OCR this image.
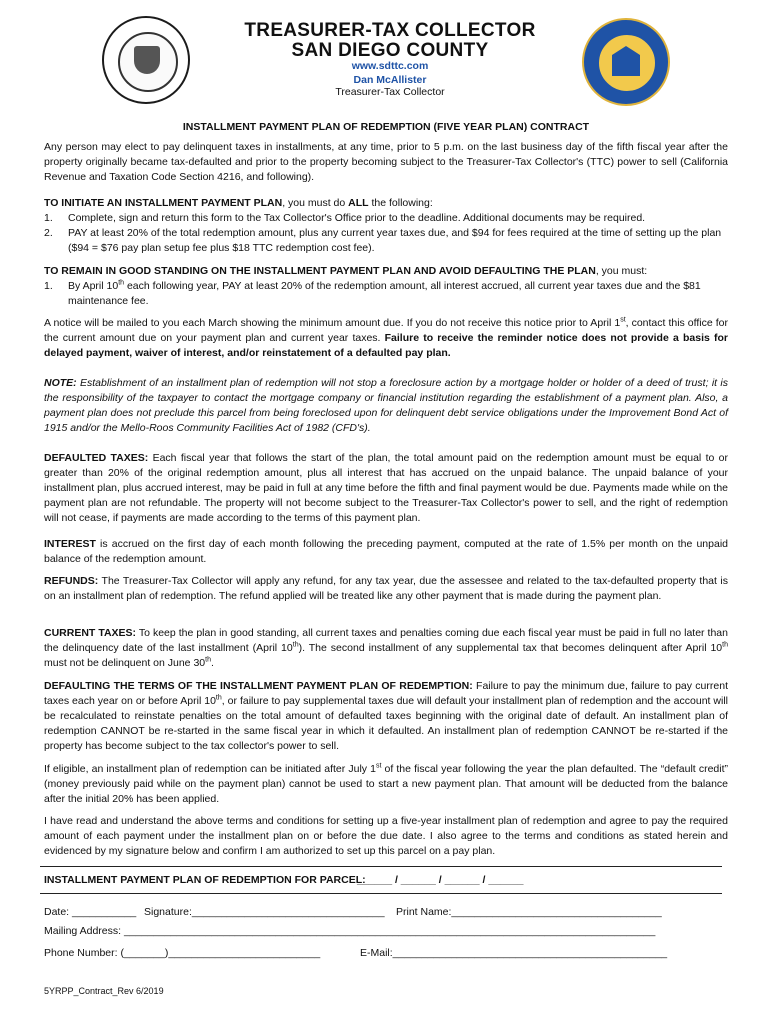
TREASURER-TAX COLLECTOR
SAN DIEGO COUNTY
www.sdttc.com
Dan McAllister
Treasurer-Tax Collector
INSTALLMENT PAYMENT PLAN OF REDEMPTION (FIVE YEAR PLAN) CONTRACT
Any person may elect to pay delinquent taxes in installments, at any time, prior to 5 p.m. on the last business day of the fifth fiscal year after the property originally became tax-defaulted and prior to the property becoming subject to the Treasurer-Tax Collector's (TTC) power to sell (California Revenue and Taxation Code Section 4216, and following).
TO INITIATE AN INSTALLMENT PAYMENT PLAN, you must do ALL the following:
1. Complete, sign and return this form to the Tax Collector's Office prior to the deadline. Additional documents may be required.
2. PAY at least 20% of the total redemption amount, plus any current year taxes due, and $94 for fees required at the time of setting up the plan ($94 = $76 pay plan setup fee plus $18 TTC redemption cost fee).
TO REMAIN IN GOOD STANDING ON THE INSTALLMENT PAYMENT PLAN AND AVOID DEFAULTING THE PLAN, you must:
1. By April 10th each following year, PAY at least 20% of the redemption amount, all interest accrued, all current year taxes due and the $81 maintenance fee.
A notice will be mailed to you each March showing the minimum amount due. If you do not receive this notice prior to April 1st, contact this office for the current amount due on your payment plan and current year taxes. Failure to receive the reminder notice does not provide a basis for delayed payment, waiver of interest, and/or reinstatement of a defaulted pay plan.
NOTE: Establishment of an installment plan of redemption will not stop a foreclosure action by a mortgage holder or holder of a deed of trust; it is the responsibility of the taxpayer to contact the mortgage company or financial institution regarding the establishment of a payment plan. Also, a payment plan does not preclude this parcel from being foreclosed upon for delinquent debt service obligations under the Improvement Bond Act of 1915 and/or the Mello-Roos Community Facilities Act of 1982 (CFD's).
DEFAULTED TAXES: Each fiscal year that follows the start of the plan, the total amount paid on the redemption amount must be equal to or greater than 20% of the original redemption amount, plus all interest that has accrued on the unpaid balance. The unpaid balance of your installment plan, plus accrued interest, may be paid in full at any time before the fifth and final payment would be due. Payments made while on the payment plan are not refundable. The property will not become subject to the Treasurer-Tax Collector's power to sell, and the right of redemption will not cease, if payments are made according to the terms of this payment plan.
INTEREST is accrued on the first day of each month following the preceding payment, computed at the rate of 1.5% per month on the unpaid balance of the redemption amount.
REFUNDS: The Treasurer-Tax Collector will apply any refund, for any tax year, due the assessee and related to the tax-defaulted property that is on an installment plan of redemption. The refund applied will be treated like any other payment that is made during the payment plan.
CURRENT TAXES: To keep the plan in good standing, all current taxes and penalties coming due each fiscal year must be paid in full no later than the delinquency date of the last installment (April 10th). The second installment of any supplemental tax that becomes delinquent after April 10th must not be delinquent on June 30th.
DEFAULTING THE TERMS OF THE INSTALLMENT PAYMENT PLAN OF REDEMPTION: Failure to pay the minimum due, failure to pay current taxes each year on or before April 10th, or failure to pay supplemental taxes due will default your installment plan of redemption and the account will be recalculated to reinstate penalties on the total amount of defaulted taxes beginning with the original date of default. An installment plan of redemption CANNOT be re-started in the same fiscal year in which it defaulted. An installment plan of redemption CANNOT be re-started if the property has become subject to the tax collector's power to sell.
If eligible, an installment plan of redemption can be initiated after July 1st of the fiscal year following the year the plan defaulted. The “default credit” (money previously paid while on the payment plan) cannot be used to start a new payment plan. That amount will be deducted from the balance after the initial 20% has been applied.
I have read and understand the above terms and conditions for setting up a five-year installment plan of redemption and agree to pay the required amount of each payment under the installment plan on or before the due date. I also agree to the terms and conditions as stated herein and evidenced by my signature below and confirm I am authorized to set up this parcel on a pay plan.
INSTALLMENT PAYMENT PLAN OF REDEMPTION FOR PARCEL:
______ / ______ / ______ / ______
Date: ___________ Signature:_________________________________ Print Name:____________________________________
Mailing Address: ___________________________________________________________________________________________
Phone Number: (_______)__________________________	E-Mail:_______________________________________________
5YRPP_Contract_Rev 6/2019
